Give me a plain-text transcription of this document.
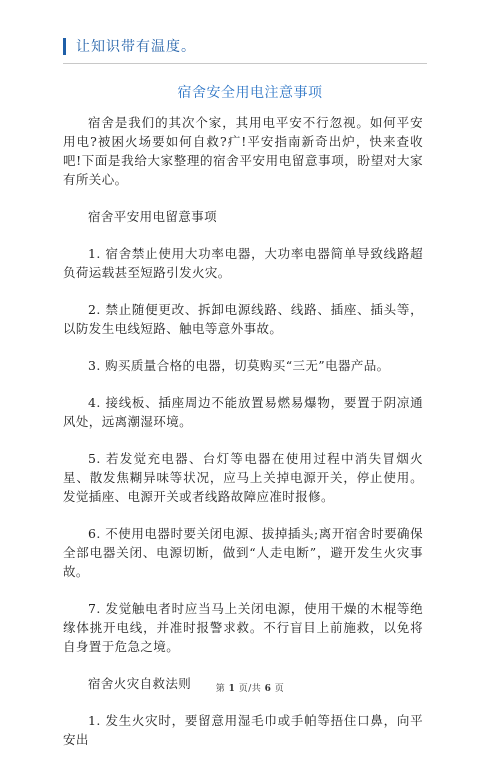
让知识带有温度。
宿舍安全用电注意事项

宿舍是我们的其次个家，其用电平安不行忽视。如何平安用电?被困火场要如何自救?疒!平安指南新奇出炉，快来查收吧!下面是我给大家整理的宿舍平安用电留意事项，盼望对大家有所关心。

宿舍平安用电留意事项

1. 宿舍禁止使用大功率电器，大功率电器简单导致线路超负荷运载甚至短路引发火灾。

2. 禁止随便更改、拆卸电源线路、线路、插座、插头等，以防发生电线短路、触电等意外事故。

3. 购买质量合格的电器，切莫购买“三无”电器产品。

4. 接线板、插座周边不能放置易燃易爆物，要置于阴凉通风处，远离潮湿环境。

5. 若发觉充电器、台灯等电器在使用过程中消失冒烟火星、散发焦糊异味等状况，应马上关掉电源开关，停止使用。发觉插座、电源开关或者线路故障应准时报修。

6. 不使用电器时要关闭电源、拔掉插头;离开宿舍时要确保全部电器关闭、电源切断，做到“人走电断”，避开发生火灾事故。

7. 发觉触电者时应当马上关闭电源，使用干燥的木棍等绝缘体挑开电线，并准时报警求救。不行盲目上前施救，以免将自身置于危急之境。

宿舍火灾自救法则

1. 发生火灾时，要留意用湿毛巾或手帕等捂住口鼻，向平安出

第 1 页/共 6 页
